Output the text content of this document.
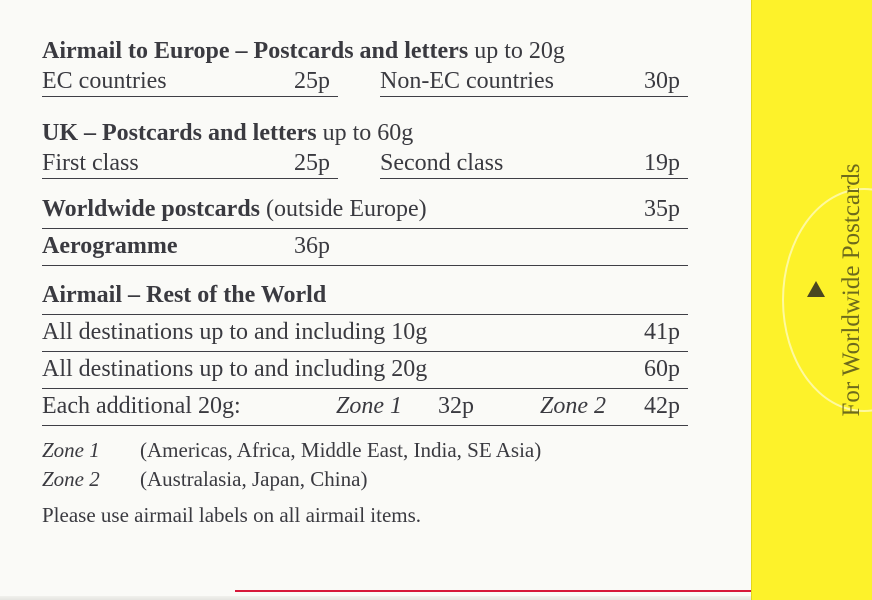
Airmail to Europe – Postcards and letters up to 20g
EC countries	25p Non-EC countries	30p
UK – Postcards and letters up to 60g
First class	25p Second class	19p
Worldwide postcards (outside Europe)	35p
Aerogramme	36p
Airmail – Rest of the World
All destinations up to and including 10g	41p
All destinations up to and including 20g	60p
Each additional 20g:	Zone 1 32p	Zone 2 42p
Zone 1 (Americas, Africa, Middle East, India, SE Asia)
Zone 2 (Australasia, Japan, China)
Please use airmail labels on all airmail items.
For Worldwide Postcards
